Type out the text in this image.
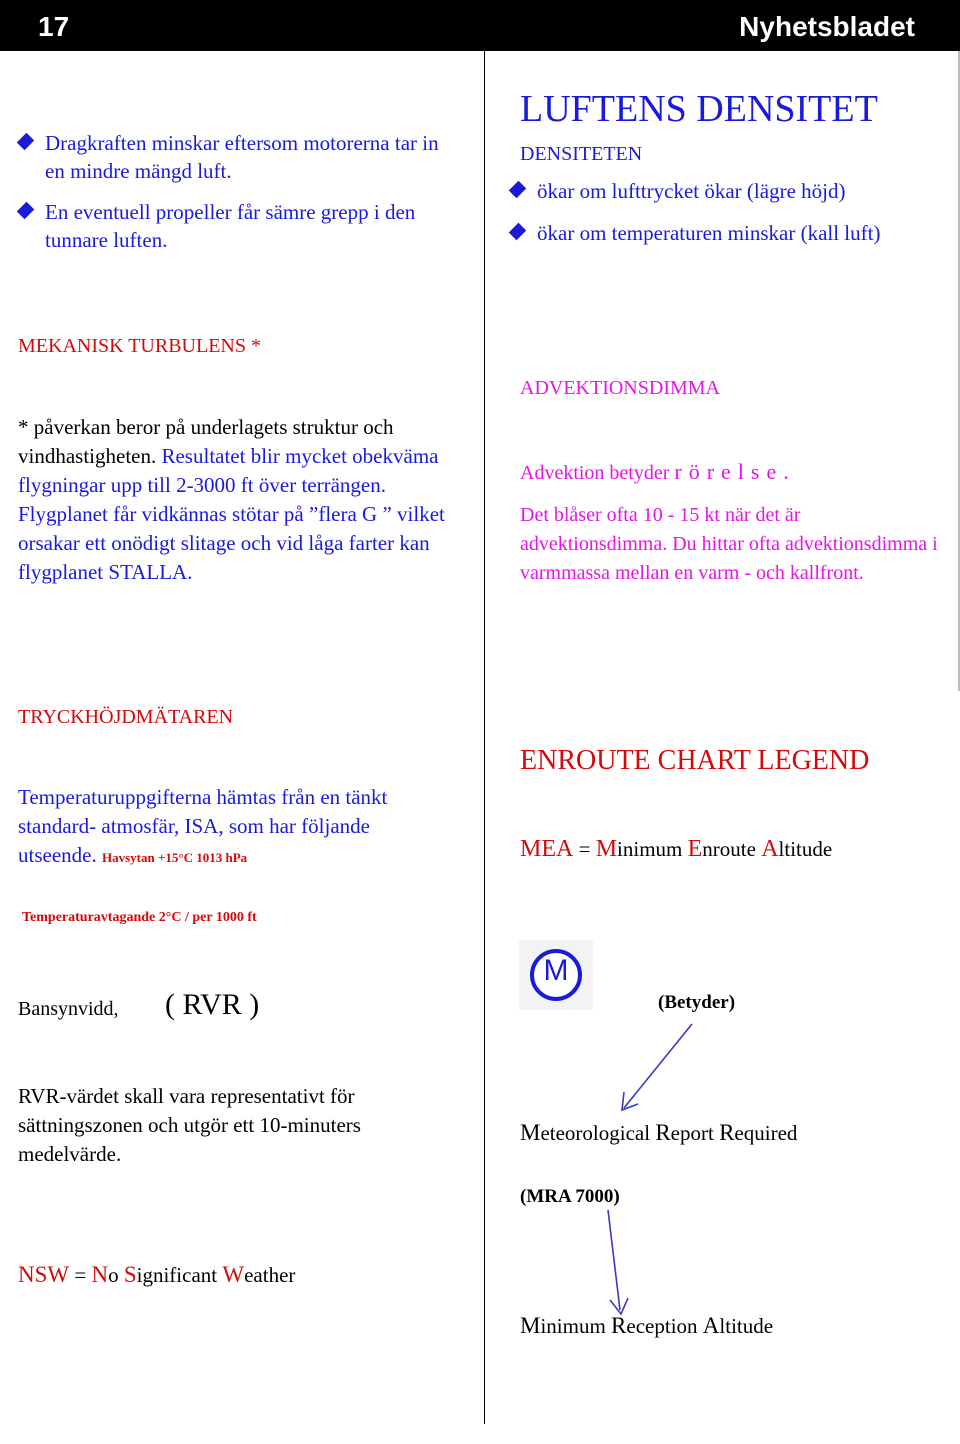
17	Nyhetsbladet
Dragkraften minskar eftersom motorerna tar in en mindre mängd luft.
En eventuell propeller får sämre grepp i den tunnare luften.
LUFTENS DENSITET
DENSITETEN
ökar om lufttrycket ökar (lägre höjd)
ökar om temperaturen minskar (kall luft)
MEKANISK TURBULENS *
* påverkan beror på underlagets struktur och vindhastigheten. Resultatet blir mycket obekväma flygningar upp till 2-3000 ft över terrängen. Flygplanet får vidkännas stötar på ”flera G ” vilket orsakar ett onödigt slitage och vid låga farter kan flygplanet STALLA.
ADVEKTIONSDIMMA
Advektion betyder rörelse.
Det blåser ofta 10 - 15 kt när det är advektionsdimma. Du hittar ofta advektionsdimma i varmmassa mellan en varm - och kallfront.
TRYCKHÖJDMÄTAREN
Temperaturuppgifterna hämtas från en tänkt standard- atmosfär, ISA, som har följande utseende. Havsytan +15°C 1013 hPa
Temperaturavtagande 2°C / per 1000 ft
Bansynvidd, ( RVR )
RVR-värdet skall vara representativt för sättningszonen och utgör ett 10-minuters medelvärde.
NSW = No Significant Weather
ENROUTE CHART LEGEND
MEA = Minimum Enroute Altitude
M
(Betyder)
Meteorological Report Required
(MRA 7000)
Minimum Reception Altitude
